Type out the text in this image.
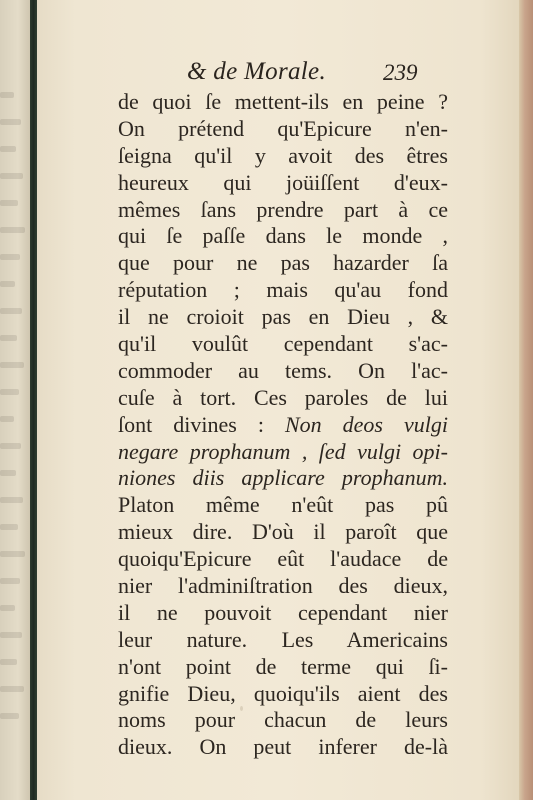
& de Morale. 239
de quoi ſe mettent-ils en peine ?
On prétend qu'Epicure n'en-
ſeigna qu'il y avoit des êtres
heureux qui joüiſſent d'eux-
mêmes ſans prendre part à ce
qui ſe paſſe dans le monde ,
que pour ne pas hazarder ſa
réputation ; mais qu'au fond
il ne croioit pas en Dieu , &
qu'il voulût cependant s'ac-
commoder au tems. On l'ac-
cuſe à tort. Ces paroles de lui
ſont divines : Non deos vulgi
negare prophanum , ſed vulgi opi-
niones diis applicare prophanum.
Platon même n'eût pas pû
mieux dire. D'où il paroît que
quoiqu'Epicure eût l'audace de
nier l'adminiſtration des dieux,
il ne pouvoit cependant nier
leur nature. Les Americains
n'ont point de terme qui ſi-
gnifie Dieu, quoiqu'ils aient des
noms pour chacun de leurs
dieux. On peut inferer de-là
